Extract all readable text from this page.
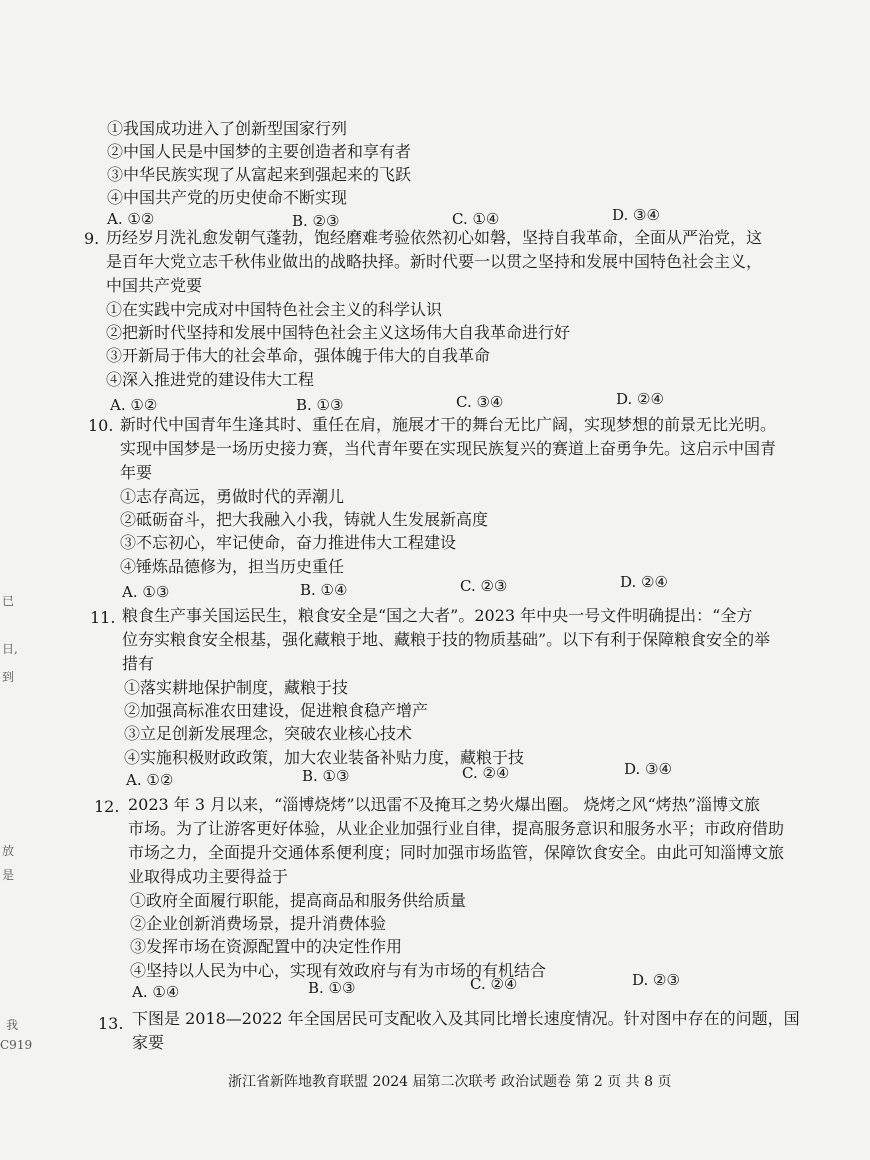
①我国成功进入了创新型国家行列
②中国人民是中国梦的主要创造者和享有者
③中华民族实现了从富起来到强起来的飞跃
④中国共产党的历史使命不断实现
A. ①②	B. ②③	C. ①④	D. ③④
9. 历经岁月洗礼愈发朝气蓬勃，饱经磨难考验依然初心如磐，坚持自我革命，全面从严治党，这
是百年大党立志千秋伟业做出的战略抉择。新时代要一以贯之坚持和发展中国特色社会主义，
中国共产党要
①在实践中完成对中国特色社会主义的科学认识
②把新时代坚持和发展中国特色社会主义这场伟大自我革命进行好
③开新局于伟大的社会革命，强体魄于伟大的自我革命
④深入推进党的建设伟大工程
A. ①②	B. ①③	C. ③④	D. ②④
10. 新时代中国青年生逢其时、重任在肩，施展才干的舞台无比广阔，实现梦想的前景无比光明。
实现中国梦是一场历史接力赛，当代青年要在实现民族复兴的赛道上奋勇争先。这启示中国青
年要
①志存高远，勇做时代的弄潮儿
②砥砺奋斗，把大我融入小我，铸就人生发展新高度
③不忘初心，牢记使命，奋力推进伟大工程建设
④锤炼品德修为，担当历史重任
A. ①③	B. ①④	C. ②③	D. ②④
11. 粮食生产事关国运民生，粮食安全是“国之大者”。2023 年中央一号文件明确提出：“全方
位夯实粮食安全根基，强化藏粮于地、藏粮于技的物质基础”。以下有利于保障粮食安全的举
措有
①落实耕地保护制度，藏粮于技
②加强高标准农田建设，促进粮食稳产增产
③立足创新发展理念，突破农业核心技术
④实施积极财政政策，加大农业装备补贴力度，藏粮于技
A. ①②	B. ①③	C. ②④	D. ③④
12. 2023 年 3 月以来，“淄博烧烤”以迅雷不及掩耳之势火爆出圈。 烧烤之风“烤热”淄博文旅
市场。为了让游客更好体验，从业企业加强行业自律，提高服务意识和服务水平；市政府借助
市场之力，全面提升交通体系便利度；同时加强市场监管，保障饮食安全。由此可知淄博文旅
业取得成功主要得益于
①政府全面履行职能，提高商品和服务供给质量
②企业创新消费场景，提升消费体验
③发挥市场在资源配置中的决定性作用
④坚持以人民为中心，实现有效政府与有为市场的有机结合
A. ①④	B. ①③	C. ②④	D. ②③
13. 下图是 2018—2022 年全国居民可支配收入及其同比增长速度情况。针对图中存在的问题，国
家要
已
日,
到
放
是
我
C919
浙江省新阵地教育联盟 2024 届第二次联考 政治试题卷 第 2 页 共 8 页
